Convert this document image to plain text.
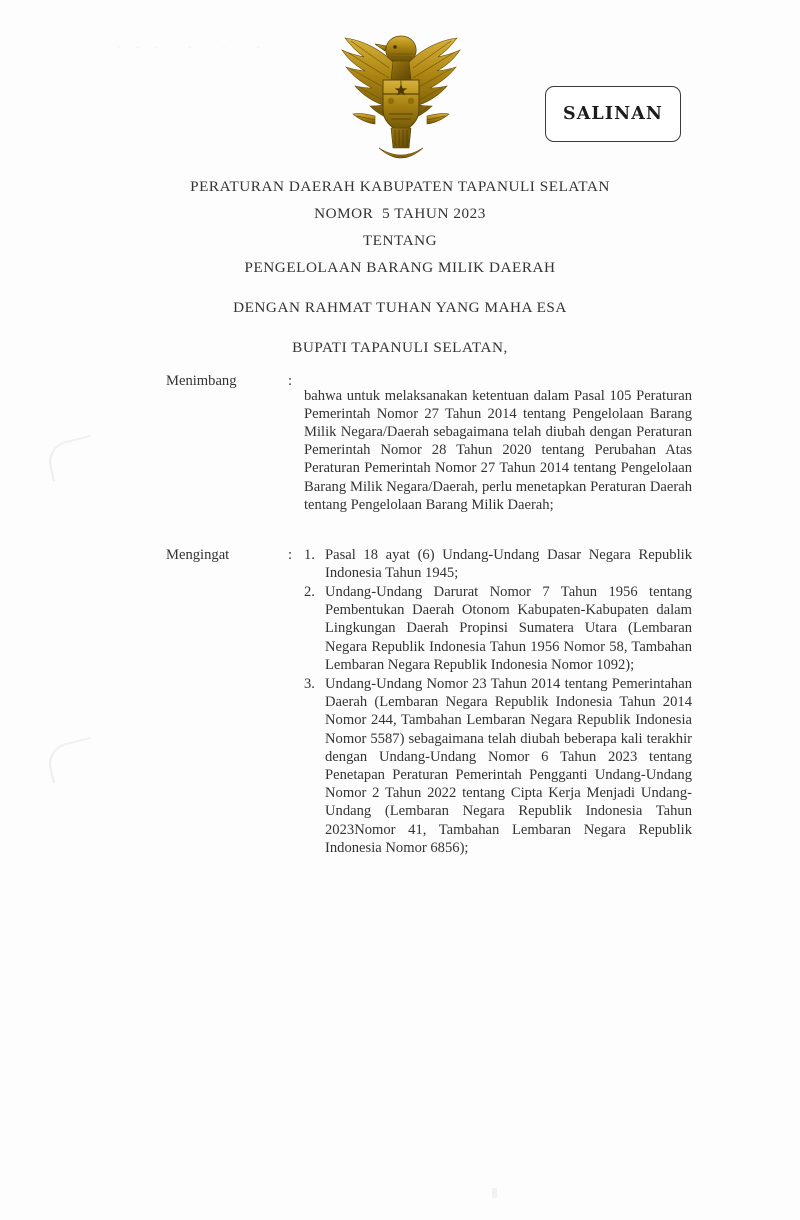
··· · · ·
SALINAN
PERATURAN DAERAH KABUPATEN TAPANULI SELATAN
NOMOR  5 TAHUN 2023
TENTANG
PENGELOLAAN BARANG MILIK DAERAH
DENGAN RAHMAT TUHAN YANG MAHA ESA
BUPATI TAPANULI SELATAN,
Menimbang	:

bahwa untuk melaksanakan ketentuan dalam Pasal 105 Peraturan Pemerintah Nomor 27 Tahun 2014 tentang Pengelolaan Barang Milik Negara/Daerah sebagaimana telah diubah dengan Peraturan Pemerintah Nomor 28 Tahun 2020 tentang Perubahan Atas Peraturan Pemerintah Nomor 27 Tahun 2014 tentang Pengelolaan Barang Milik Negara/Daerah, perlu menetapkan Peraturan Daerah tentang Pengelolaan Barang Milik Daerah;

Mengingat	: 1. Pasal 18 ayat (6) Undang-Undang Dasar Negara Republik Indonesia Tahun 1945;
2. Undang-Undang Darurat Nomor 7 Tahun 1956 tentang Pembentukan Daerah Otonom Kabupaten-Kabupaten dalam Lingkungan Daerah Propinsi Sumatera Utara (Lembaran Negara Republik Indonesia Tahun 1956 Nomor 58, Tambahan Lembaran Negara Republik Indonesia Nomor 1092);
3. Undang-Undang Nomor 23 Tahun 2014 tentang Pemerintahan Daerah (Lembaran Negara Republik Indonesia Tahun 2014 Nomor 244, Tambahan Lembaran Negara Republik Indonesia Nomor 5587) sebagaimana telah diubah beberapa kali terakhir dengan Undang-Undang Nomor 6 Tahun 2023 tentang Penetapan Peraturan Pemerintah Pengganti Undang-Undang Nomor 2 Tahun 2022 tentang Cipta Kerja Menjadi Undang-Undang (Lembaran Negara Republik Indonesia Tahun 2023Nomor 41, Tambahan Lembaran Negara Republik Indonesia Nomor 6856);
